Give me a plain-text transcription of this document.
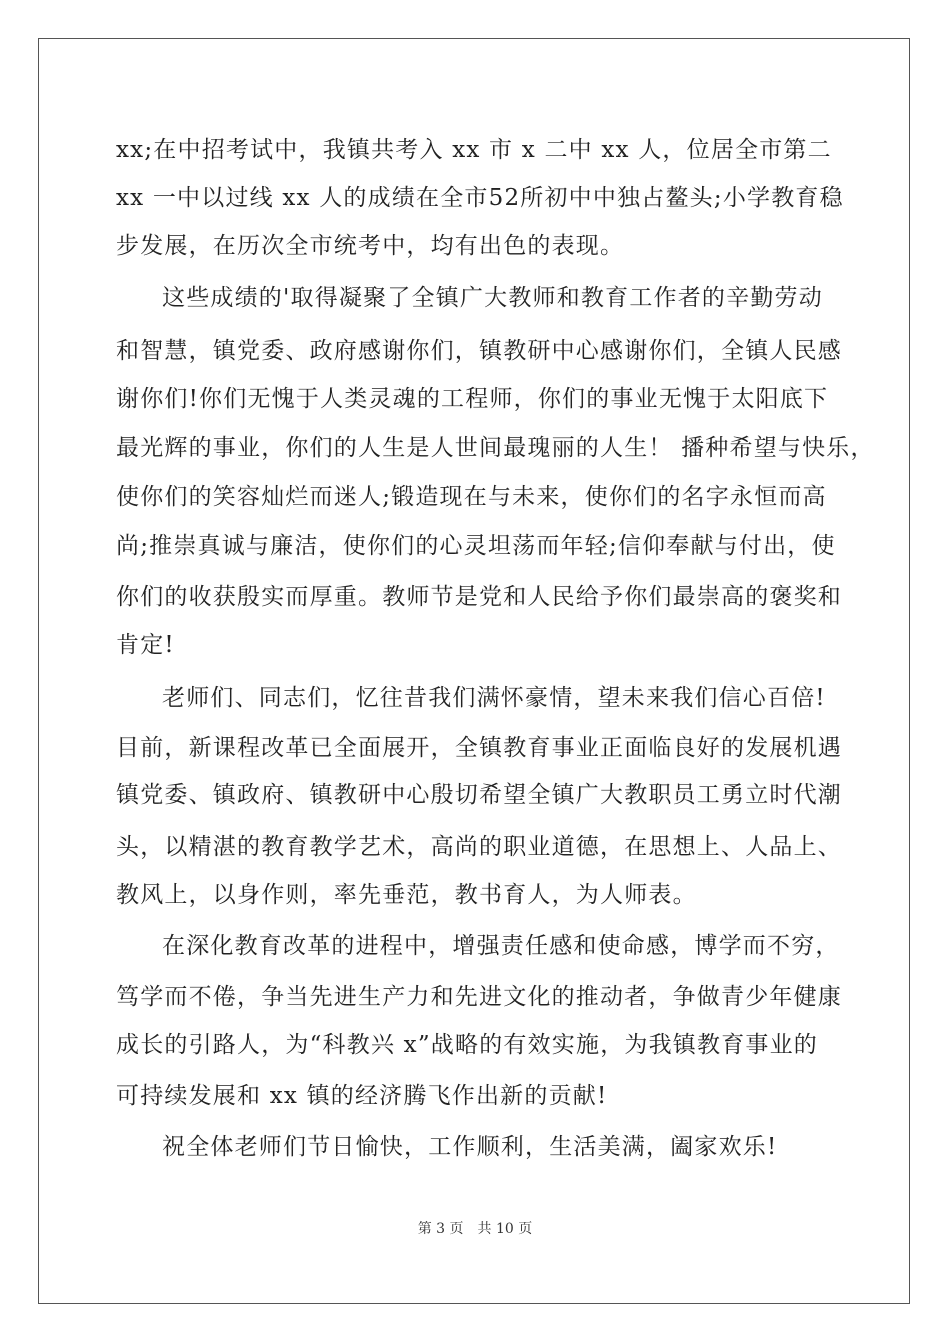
xx;在中招考试中，我镇共考入 xx 市 x 二中 xx 人，位居全市第二
xx 一中以过线 xx 人的成绩在全市52所初中中独占鳌头;小学教育稳
步发展，在历次全市统考中，均有出色的表现。
这些成绩的'取得凝聚了全镇广大教师和教育工作者的辛勤劳动
和智慧，镇党委、政府感谢你们，镇教研中心感谢你们，全镇人民感
谢你们!你们无愧于人类灵魂的工程师，你们的事业无愧于太阳底下
最光辉的事业，你们的人生是人世间最瑰丽的人生！ 播种希望与快乐，
使你们的笑容灿烂而迷人;锻造现在与未来，使你们的名字永恒而高
尚;推崇真诚与廉洁，使你们的心灵坦荡而年轻;信仰奉献与付出，使
你们的收获殷实而厚重。教师节是党和人民给予你们最崇高的褒奖和
肯定!
老师们、同志们，忆往昔我们满怀豪情，望未来我们信心百倍!
目前，新课程改革已全面展开，全镇教育事业正面临良好的发展机遇
镇党委、镇政府、镇教研中心殷切希望全镇广大教职员工勇立时代潮
头，以精湛的教育教学艺术，高尚的职业道德，在思想上、人品上、
教风上，以身作则，率先垂范，教书育人，为人师表。
在深化教育改革的进程中，增强责任感和使命感，博学而不穷，
笃学而不倦，争当先进生产力和先进文化的推动者，争做青少年健康
成长的引路人，为“科教兴 x”战略的有效实施，为我镇教育事业的
可持续发展和 xx 镇的经济腾飞作出新的贡献!
祝全体老师们节日愉快，工作顺利，生活美满，阖家欢乐!
第 3 页 共 10 页
